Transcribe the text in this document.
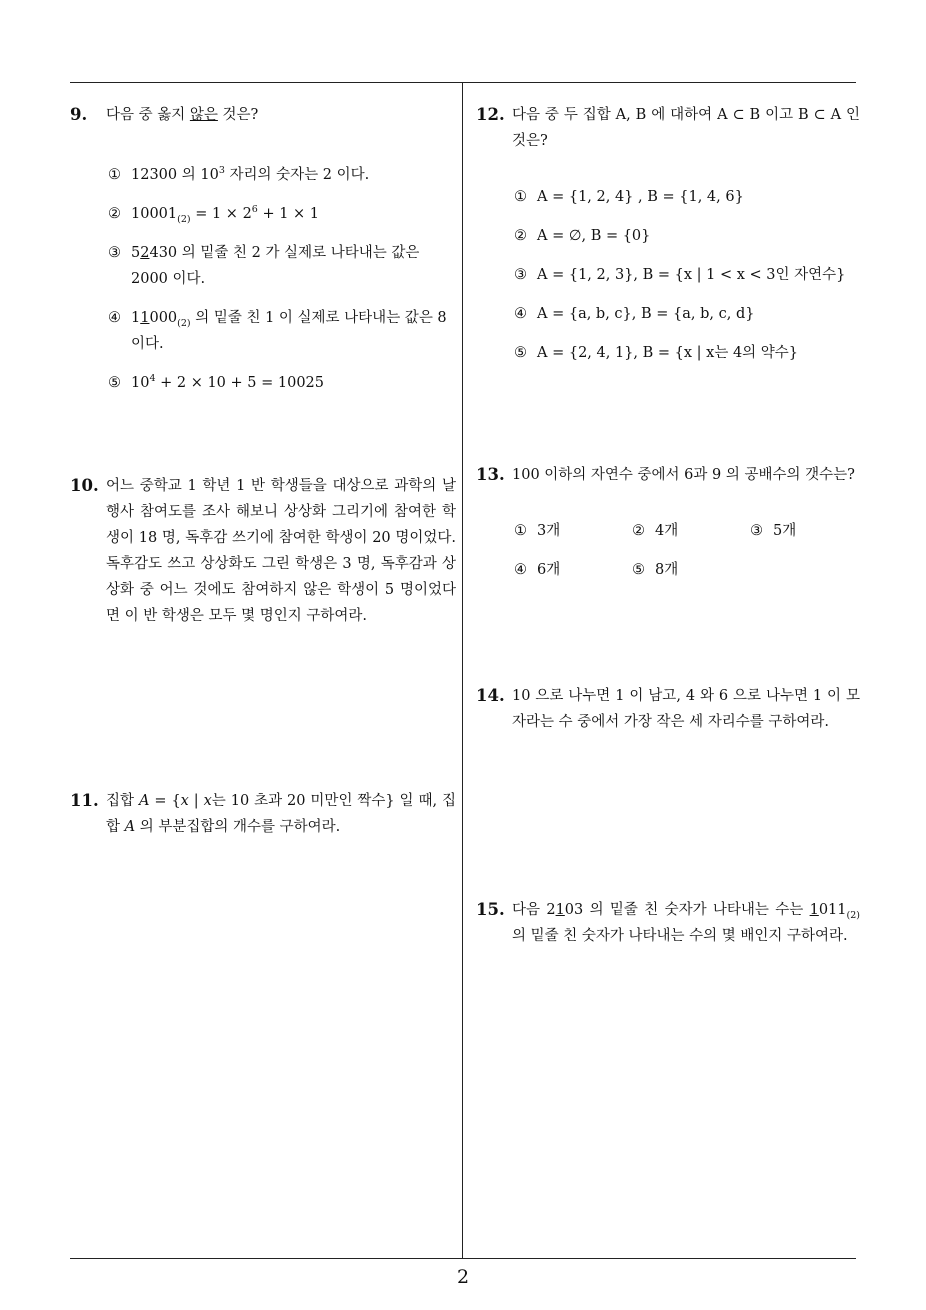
9. 다음 중 옳지 않은 것은?
① 12300 의 $10^3$ 자리의 숫자는 2 이다.
② $10001_{(2)} = 1 \times 2^6 + 1 \times 1$
③ 52430 의 밑줄 친 2 가 실제로 나타내는 값은 2000 이다.
④ $11000_{(2)}$ 의 밑줄 친 1 이 실제로 나타내는 값은 8 이다.
⑤ $10^4 + 2 \times 10 + 5 = 10025$
10. 어느 중학교 1 학년 1 반 학생들을 대상으로 과학의 날 행사 참여도를 조사 해보니 상상화 그리기에 참여한 학생이 18 명, 독후감 쓰기에 참여한 학생이 20 명이었다. 독후감도 쓰고 상상화도 그린 학생은 3 명, 독후감과 상상화 중 어느 것에도 참여하지 않은 학생이 5 명이었다면 이 반 학생은 모두 몇 명인지 구하여라.
11. 집합 A = {x | x는 10 초과 20 미만인 짝수} 일 때, 집합 A 의 부분집합의 개수를 구하여라.
12. 다음 중 두 집합 A, B 에 대하여 A ⊂ B 이고 B ⊂ A 인 것은?
① A = {1, 2, 4} , B = {1, 4, 6}
② A = ∅, B = {0}
③ A = {1, 2, 3}, B = {x | 1 < x < 3인 자연수}
④ A = {a, b, c}, B = {a, b, c, d}
⑤ A = {2, 4, 1}, B = {x | x는 4의 약수}
13. 100 이하의 자연수 중에서 6과 9 의 공배수의 갯수는?
① 3개	② 4개	③ 5개
④ 6개	⑤ 8개
14. 10 으로 나누면 1 이 남고, 4 와 6 으로 나누면 1 이 모자라는 수 중에서 가장 작은 세 자리수를 구하여라.
15. 다음 2103 의 밑줄 친 숫자가 나타내는 수는 $1011_{(2)}$ 의 밑줄 친 숫자가 나타내는 수의 몇 배인지 구하여라.
2
